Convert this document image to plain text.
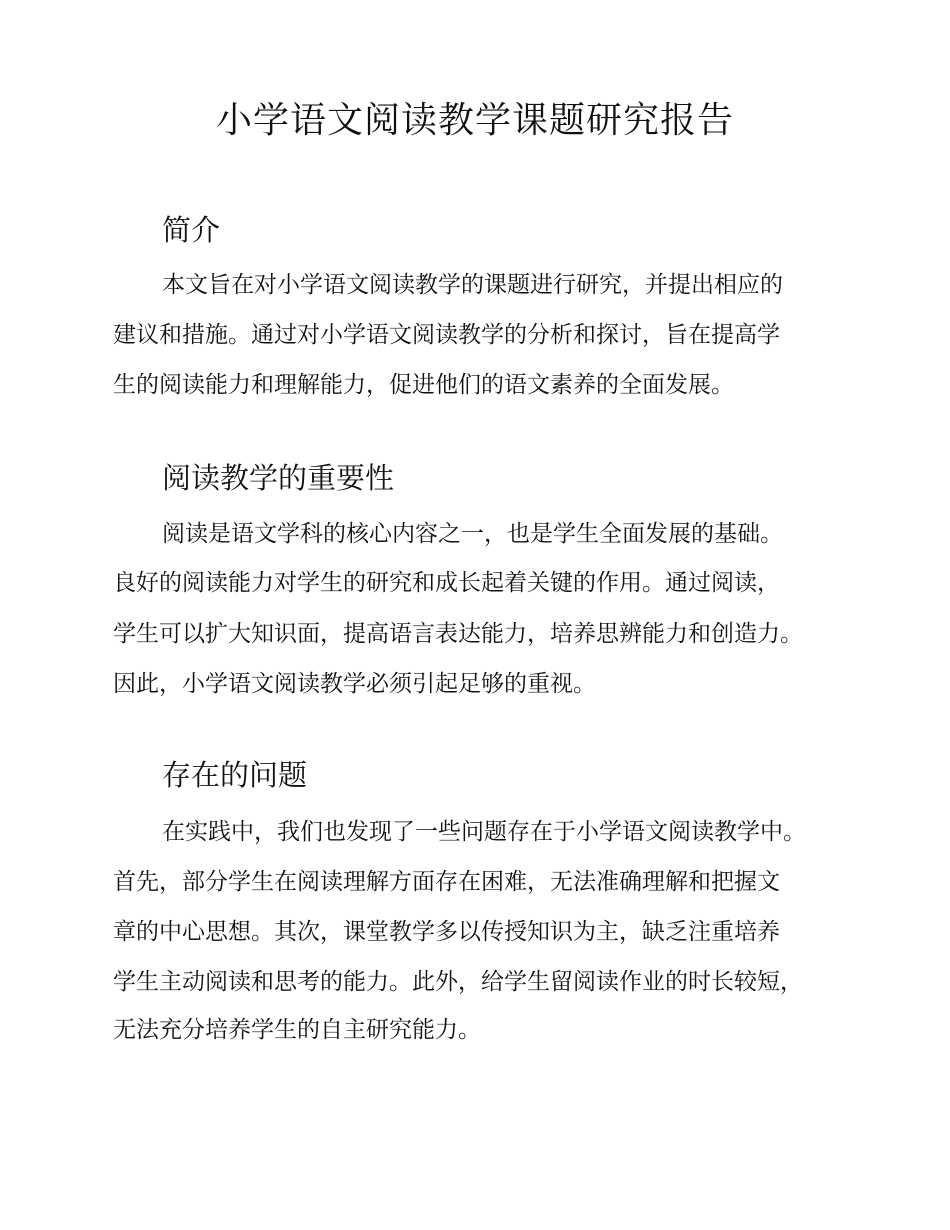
小学语文阅读教学课题研究报告
简介

本文旨在对小学语文阅读教学的课题进行研究，并提出相应的

建议和措施。通过对小学语文阅读教学的分析和探讨，旨在提高学

生的阅读能力和理解能力，促进他们的语文素养的全面发展。

阅读教学的重要性

阅读是语文学科的核心内容之一，也是学生全面发展的基础。

良好的阅读能力对学生的研究和成长起着关键的作用。通过阅读，

学生可以扩大知识面，提高语言表达能力，培养思辨能力和创造力。

因此，小学语文阅读教学必须引起足够的重视。

存在的问题

在实践中，我们也发现了一些问题存在于小学语文阅读教学中。

首先，部分学生在阅读理解方面存在困难，无法准确理解和把握文

章的中心思想。其次，课堂教学多以传授知识为主，缺乏注重培养

学生主动阅读和思考的能力。此外，给学生留阅读作业的时长较短，

无法充分培养学生的自主研究能力。
